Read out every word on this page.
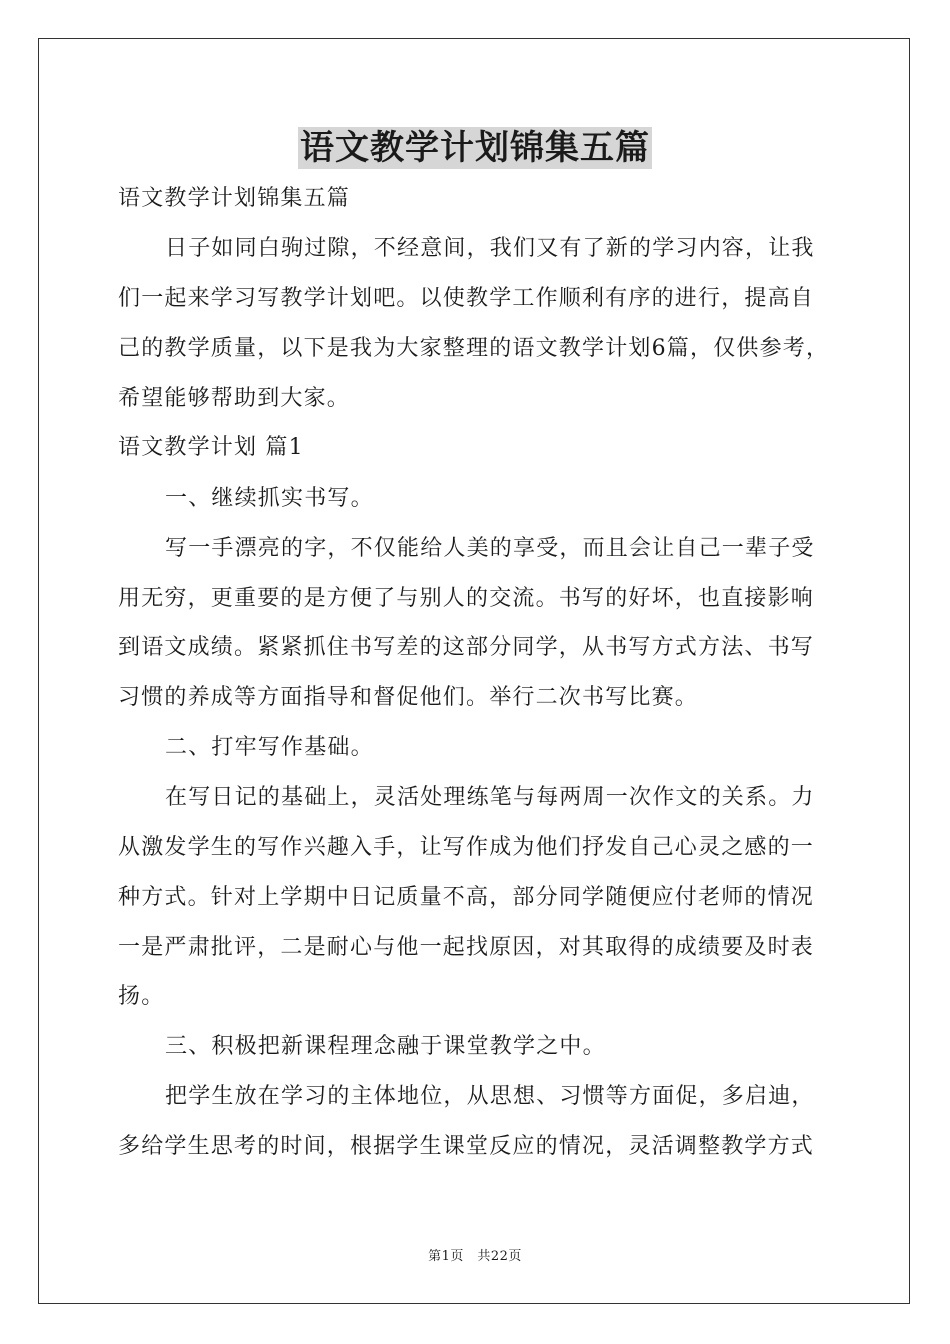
语文教学计划锦集五篇
语文教学计划锦集五篇
日子如同白驹过隙，不经意间，我们又有了新的学习内容，让我
们一起来学习写教学计划吧。以使教学工作顺利有序的进行，提高自
己的教学质量，以下是我为大家整理的语文教学计划6篇，仅供参考，
希望能够帮助到大家。
语文教学计划 篇1
一、继续抓实书写。
写一手漂亮的字，不仅能给人美的享受，而且会让自己一辈子受
用无穷，更重要的是方便了与别人的交流。书写的好坏，也直接影响
到语文成绩。紧紧抓住书写差的这部分同学，从书写方式方法、书写
习惯的养成等方面指导和督促他们。举行二次书写比赛。
二、打牢写作基础。
在写日记的基础上，灵活处理练笔与每两周一次作文的关系。力
从激发学生的写作兴趣入手，让写作成为他们抒发自己心灵之感的一
种方式。针对上学期中日记质量不高，部分同学随便应付老师的情况
一是严肃批评，二是耐心与他一起找原因，对其取得的成绩要及时表
扬。
三、积极把新课程理念融于课堂教学之中。
把学生放在学习的主体地位，从思想、习惯等方面促，多启迪，
多给学生思考的时间，根据学生课堂反应的情况，灵活调整教学方式
第1页　共22页
